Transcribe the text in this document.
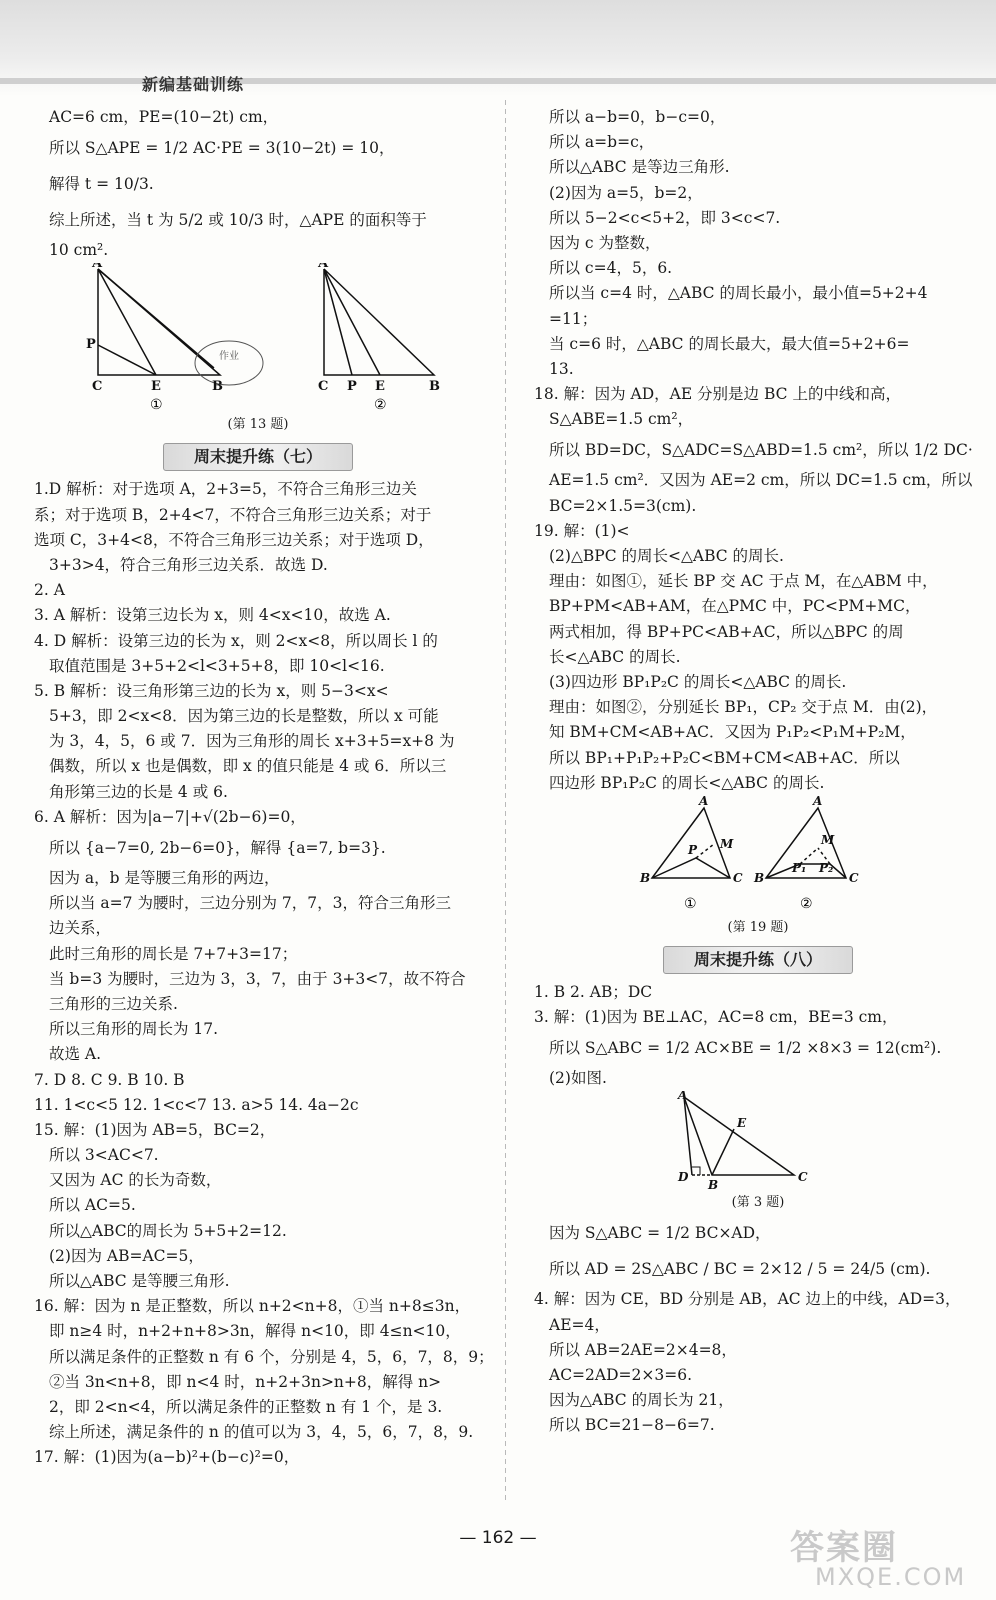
新编基础训练
AC=6 cm，PE=(10−2t) cm，
所以 S△APE = 1/2 AC·PE = 3(10−2t) = 10，
解得 t = 10/3.
综上所述，当 t 为 5/2 或 10/3 时，△APE 的面积等于
10 cm².
作业
A
P
C	E	B
A
C P E	B
①	②
(第 13 题)
周末提升练（七）
1.D 解析：对于选项 A，2+3=5，不符合三角形三边关
系；对于选项 B，2+4<7，不符合三角形三边关系；对于
选项 C，3+4<8，不符合三角形三边关系；对于选项 D，
3+3>4，符合三角形三边关系．故选 D.
2. A
3. A 解析：设第三边长为 x，则 4<x<10，故选 A.
4. D 解析：设第三边的长为 x，则 2<x<8，所以周长 l 的
取值范围是 3+5+2<l<3+5+8，即 10<l<16.
5. B 解析：设三角形第三边的长为 x，则 5−3<x<
5+3，即 2<x<8．因为第三边的长是整数，所以 x 可能
为 3，4，5，6 或 7．因为三角形的周长 x+3+5=x+8 为
偶数，所以 x 也是偶数，即 x 的值只能是 4 或 6．所以三
角形第三边的长是 4 或 6.
6. A 解析：因为|a−7|+√(2b−6)=0，
所以 {a−7=0, 2b−6=0}，解得 {a=7, b=3}.
因为 a，b 是等腰三角形的两边，
所以当 a=7 为腰时，三边分别为 7，7，3，符合三角形三
边关系，
此时三角形的周长是 7+7+3=17；
当 b=3 为腰时，三边为 3，3，7，由于 3+3<7，故不符合
三角形的三边关系.
所以三角形的周长为 17.
故选 A.
7. D 8. C 9. B 10. B
11. 1<c<5 12. 1<c<7 13. a>5 14. 4a−2c
15. 解：(1)因为 AB=5，BC=2，
所以 3<AC<7.
又因为 AC 的长为奇数，
所以 AC=5.
所以△ABC的周长为 5+5+2=12.
(2)因为 AB=AC=5，
所以△ABC 是等腰三角形.
16. 解：因为 n 是正整数，所以 n+2<n+8，①当 n+8≤3n，
即 n≥4 时，n+2+n+8>3n，解得 n<10，即 4≤n<10，
所以满足条件的正整数 n 有 6 个，分别是 4，5，6，7，8，9；
②当 3n<n+8，即 n<4 时，n+2+3n>n+8，解得 n>
2，即 2<n<4，所以满足条件的正整数 n 有 1 个，是 3.
综上所述，满足条件的 n 的值可以为 3，4，5，6，7，8，9.
17. 解：(1)因为(a−b)²+(b−c)²=0，
所以 a−b=0，b−c=0，
所以 a=b=c，
所以△ABC 是等边三角形.
(2)因为 a=5，b=2，
所以 5−2<c<5+2，即 3<c<7.
因为 c 为整数，
所以 c=4，5，6.
所以当 c=4 时，△ABC 的周长最小，最小值=5+2+4
=11；
当 c=6 时，△ABC 的周长最大，最大值=5+2+6=
13.
18. 解：因为 AD，AE 分别是边 BC 上的中线和高，
S△ABE=1.5 cm²，
所以 BD=DC，S△ADC=S△ABD=1.5 cm²，所以 1/2 DC·
AE=1.5 cm²．又因为 AE=2 cm，所以 DC=1.5 cm，所以
BC=2×1.5=3(cm).
19. 解：(1)<
(2)△BPC 的周长<△ABC 的周长.
理由：如图①，延长 BP 交 AC 于点 M，在△ABM 中，
BP+PM<AB+AM，在△PMC 中，PC<PM+MC，
两式相加，得 BP+PC<AB+AC，所以△BPC 的周
长<△ABC 的周长.
(3)四边形 BP₁P₂C 的周长<△ABC 的周长.
理由：如图②，分别延长 BP₁，CP₂ 交于点 M．由(2)，
知 BM+CM<AB+AC．又因为 P₁P₂<P₁M+P₂M，
所以 BP₁+P₁P₂+P₂C<BM+CM<AB+AC．所以
四边形 BP₁P₂C 的周长<△ABC 的周长.
A
B	C
P M
A
B	C
M
P₁ P₂
①	②
(第 19 题)
周末提升练（八）
1. B 2. AB；DC
3. 解：(1)因为 BE⊥AC，AC=8 cm，BE=3 cm，
所以 S△ABC = 1/2 AC×BE = 1/2 ×8×3 = 12(cm²).
(2)如图.
A
D
B
C
E
(第 3 题)
因为 S△ABC = 1/2 BC×AD，
所以 AD = 2S△ABC / BC = 2×12 / 5 = 24/5 (cm).
4. 解：因为 CE，BD 分别是 AB，AC 边上的中线，AD=3，
AE=4，
所以 AB=2AE=2×4=8，
AC=2AD=2×3=6.
因为△ABC 的周长为 21，
所以 BC=21−8−6=7.
— 162 —	答案圈
MXQE.COM
